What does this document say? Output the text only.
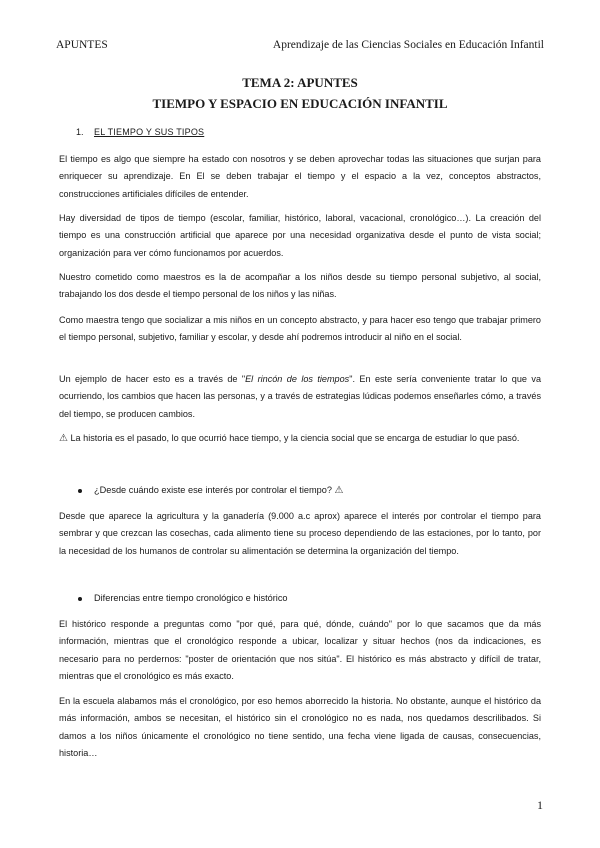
APUNTES	Aprendizaje de las Ciencias Sociales en Educación Infantil
TEMA 2: APUNTES
TIEMPO Y ESPACIO EN EDUCACIÓN INFANTIL
1. EL TIEMPO Y SUS TIPOS

El tiempo es algo que siempre ha estado con nosotros y se deben aprovechar todas las situaciones que surjan para enriquecer su aprendizaje. En El se deben trabajar el tiempo y el espacio a la vez, conceptos abstractos, construcciones artificiales difíciles de entender.

Hay diversidad de tipos de tiempo (escolar, familiar, histórico, laboral, vacacional, cronológico…). La creación del tiempo es una construcción artificial que aparece por una necesidad organizativa desde el punto de vista social; organización para ver cómo funcionamos por acuerdos.

Nuestro cometido como maestros es la de acompañar a los niños desde su tiempo personal subjetivo, al social, trabajando los dos desde el tiempo personal de los niños y las niñas.

Como maestra tengo que socializar a mis niños en un concepto abstracto, y para hacer eso tengo que trabajar primero el tiempo personal, subjetivo, familiar y escolar, y desde ahí podremos introducir al niño en el social.

Un ejemplo de hacer esto es a través de "El rincón de los tiempos". En este sería conveniente tratar lo que va ocurriendo, los cambios que hacen las personas, y a través de estrategias lúdicas podemos enseñarles cómo, a través del tiempo, se producen cambios.

⚠ La historia es el pasado, lo que ocurrió hace tiempo, y la ciencia social que se encarga de estudiar lo que pasó.

¿Desde cuándo existe ese interés por controlar el tiempo? ⚠

Desde que aparece la agricultura y la ganadería (9.000 a.c aprox) aparece el interés por controlar el tiempo para sembrar y que crezcan las cosechas, cada alimento tiene su proceso dependiendo de las estaciones, por lo tanto, por la necesidad de los humanos de controlar su alimentación se determina la organización del tiempo.

Diferencias entre tiempo cronológico e histórico

El histórico responde a preguntas como "por qué, para qué, dónde, cuándo" por lo que sacamos que da más información, mientras que el cronológico responde a ubicar, localizar y situar hechos (nos da indicaciones, es necesario para no perdernos: "poster de orientación que nos sitúa". El histórico es más abstracto y difícil de tratar, mientras que el cronológico es más exacto.

En la escuela alabamos más el cronológico, por eso hemos aborrecido la historia. No obstante, aunque el histórico da más información, ambos se necesitan, el histórico sin el cronológico no es nada, nos quedamos descrilibados. Si damos a los niños únicamente el cronológico no tiene sentido, una fecha viene ligada de causas, consecuencias, historia…

1
